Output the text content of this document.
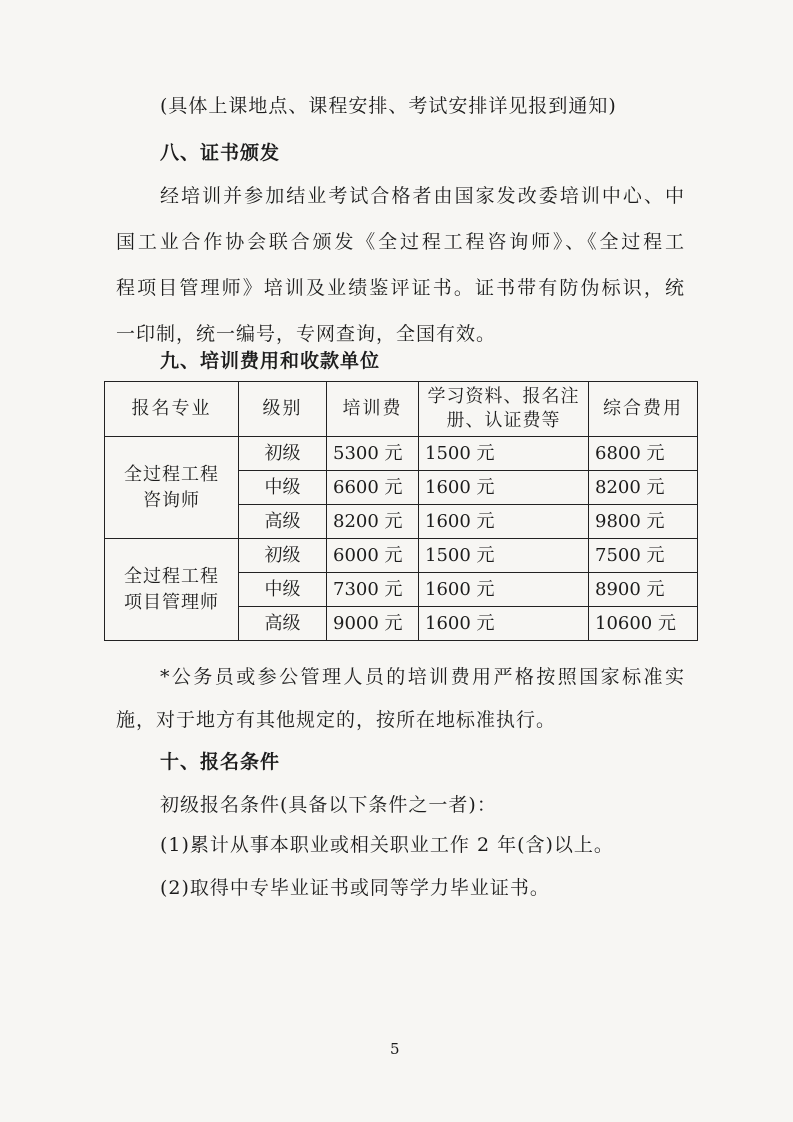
(具体上课地点、课程安排、考试安排详见报到通知)
八、证书颁发
经培训并参加结业考试合格者由国家发改委培训中心、中
国工业合作协会联合颁发《全过程工程咨询师》、《全过程工
程项目管理师》培训及业绩鉴评证书。证书带有防伪标识，统
一印制，统一编号，专网查询，全国有效。
九、培训费用和收款单位
报名专业	级别	培训费	学习资料、报名注册、认证费等	综合费用
全过程工程咨询师	初级	5300 元	1500 元	6800 元
	中级	6600 元	1600 元	8200 元
	高级	8200 元	1600 元	9800 元
全过程工程项目管理师	初级	6000 元	1500 元	7500 元
	中级	7300 元	1600 元	8900 元
	高级	9000 元	1600 元	10600 元
*公务员或参公管理人员的培训费用严格按照国家标准实
施，对于地方有其他规定的，按所在地标准执行。
十、报名条件
初级报名条件(具备以下条件之一者)：
(1)累计从事本职业或相关职业工作 2 年(含)以上。
(2)取得中专毕业证书或同等学力毕业证书。
5
